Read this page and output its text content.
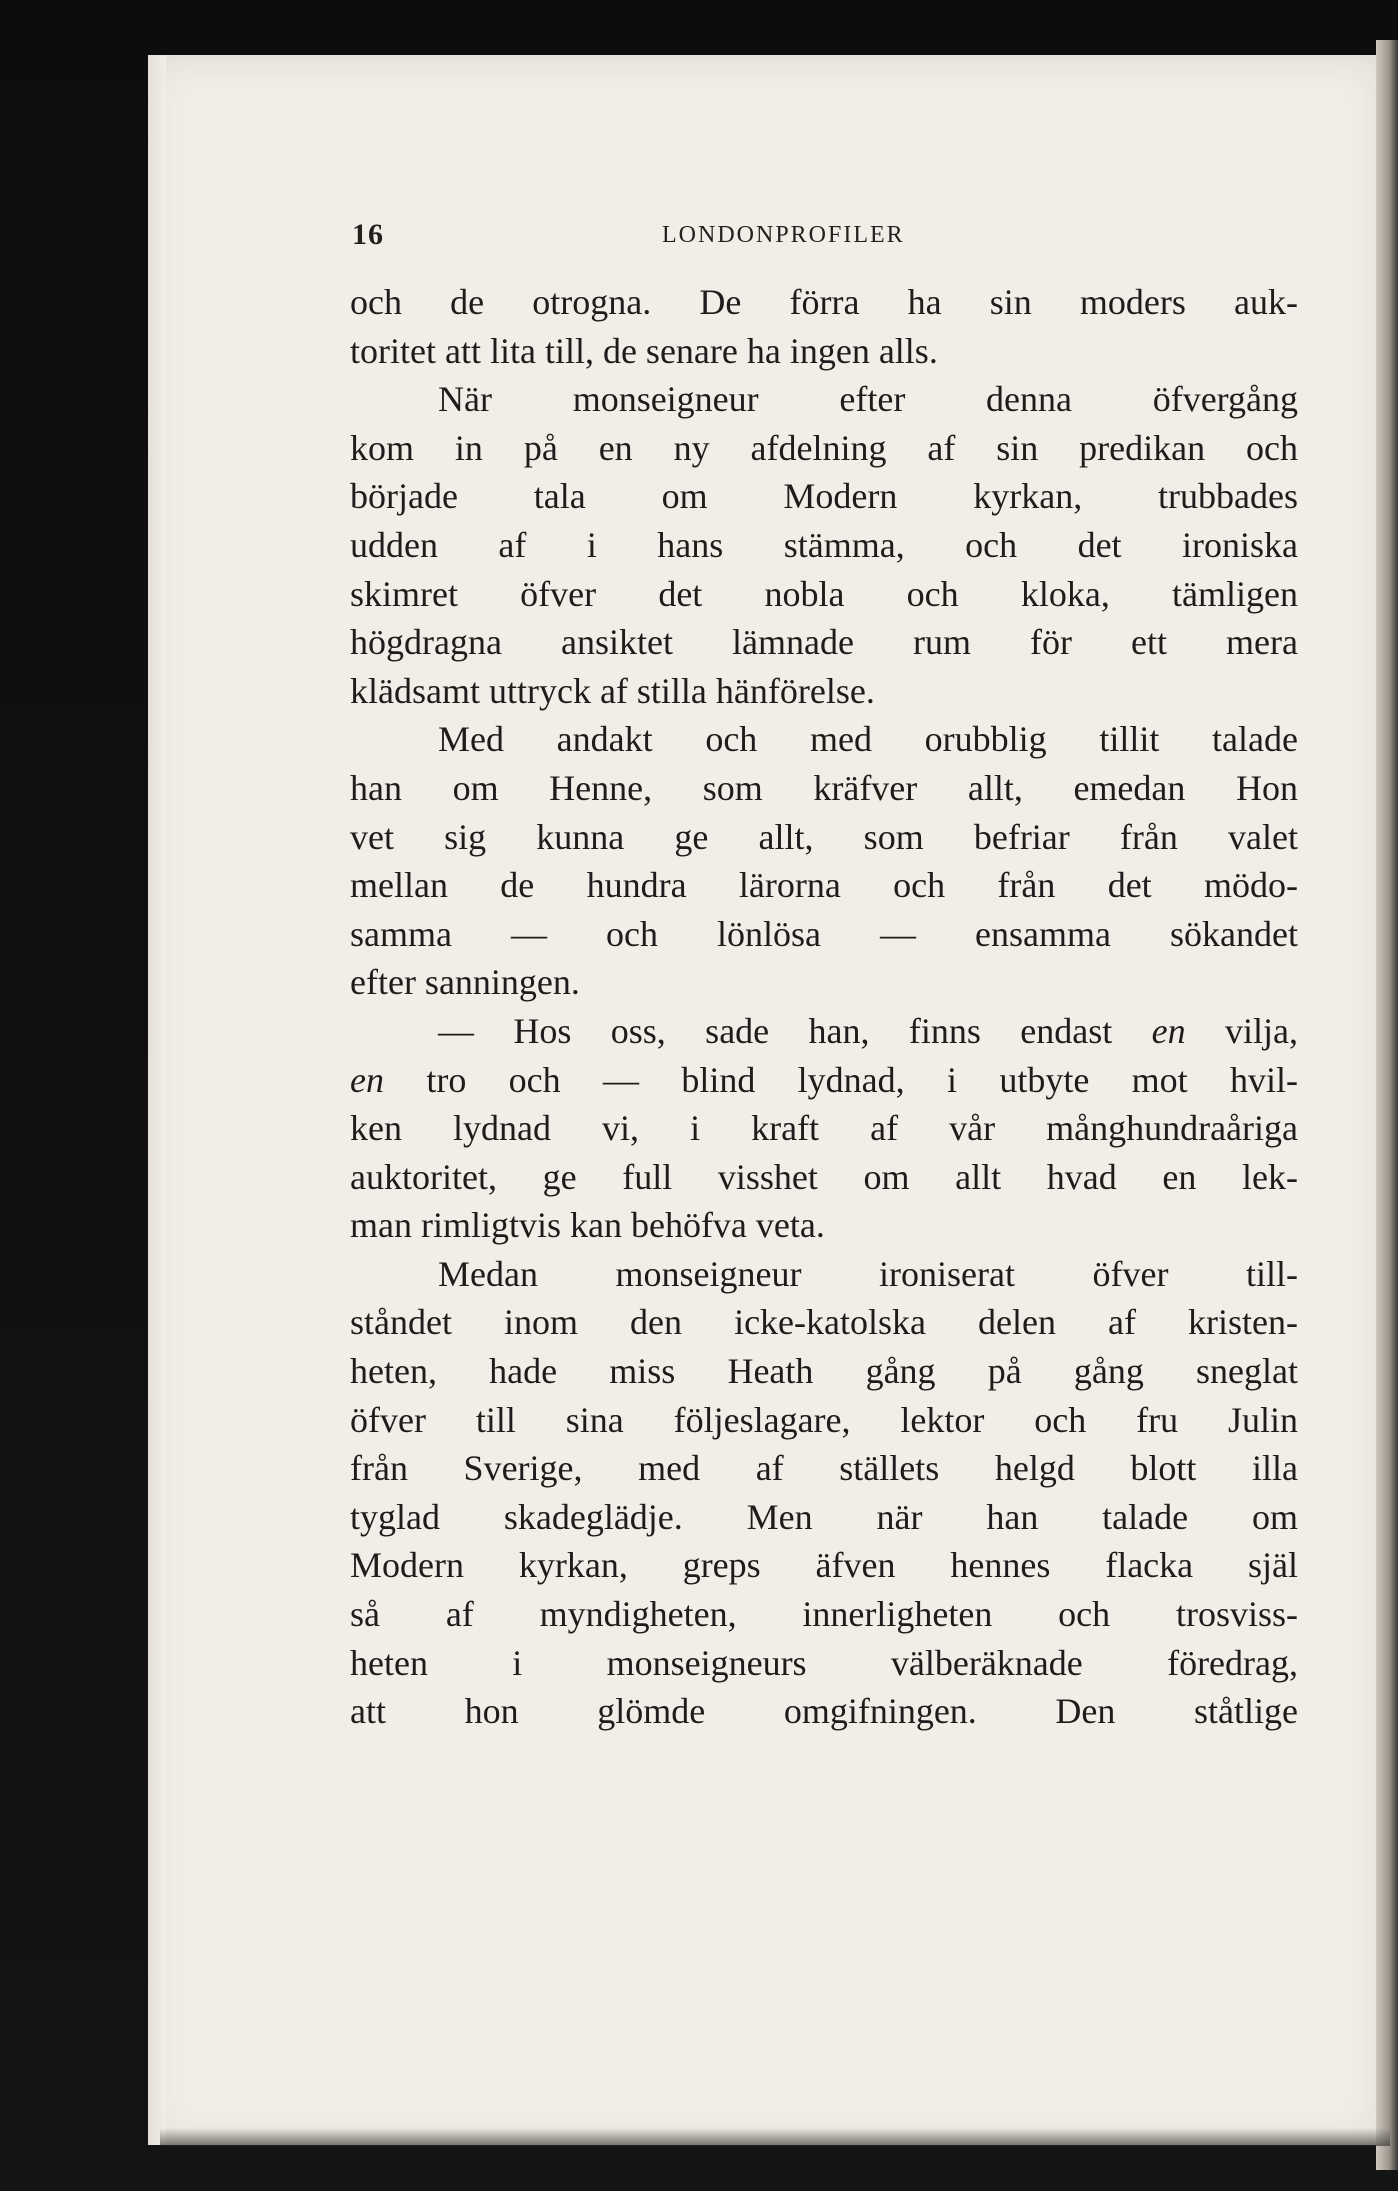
16	LONDONPROFILER
och de otrogna. De förra ha sin moders auk-
toritet att lita till, de senare ha ingen alls.
När monseigneur efter denna öfvergång
kom in på en ny afdelning af sin predikan och
började tala om Modern kyrkan, trubbades
udden af i hans stämma, och det ironiska
skimret öfver det nobla och kloka, tämligen
högdragna ansiktet lämnade rum för ett mera
klädsamt uttryck af stilla hänförelse.
Med andakt och med orubblig tillit talade
han om Henne, som kräfver allt, emedan Hon
vet sig kunna ge allt, som befriar från valet
mellan de hundra lärorna och från det mödo-
samma — och lönlösa — ensamma sökandet
efter sanningen.
— Hos oss, sade han, finns endast en vilja,
en tro och — blind lydnad, i utbyte mot hvil-
ken lydnad vi, i kraft af vår månghundraåriga
auktoritet, ge full visshet om allt hvad en lek-
man rimligtvis kan behöfva veta.
Medan monseigneur ironiserat öfver till-
ståndet inom den icke-katolska delen af kristen-
heten, hade miss Heath gång på gång sneglat
öfver till sina följeslagare, lektor och fru Julin
från Sverige, med af ställets helgd blott illa
tyglad skadeglädje. Men när han talade om
Modern kyrkan, greps äfven hennes flacka själ
så af myndigheten, innerligheten och trosviss-
heten i monseigneurs välberäknade föredrag,
att hon glömde omgifningen. Den ståtlige
